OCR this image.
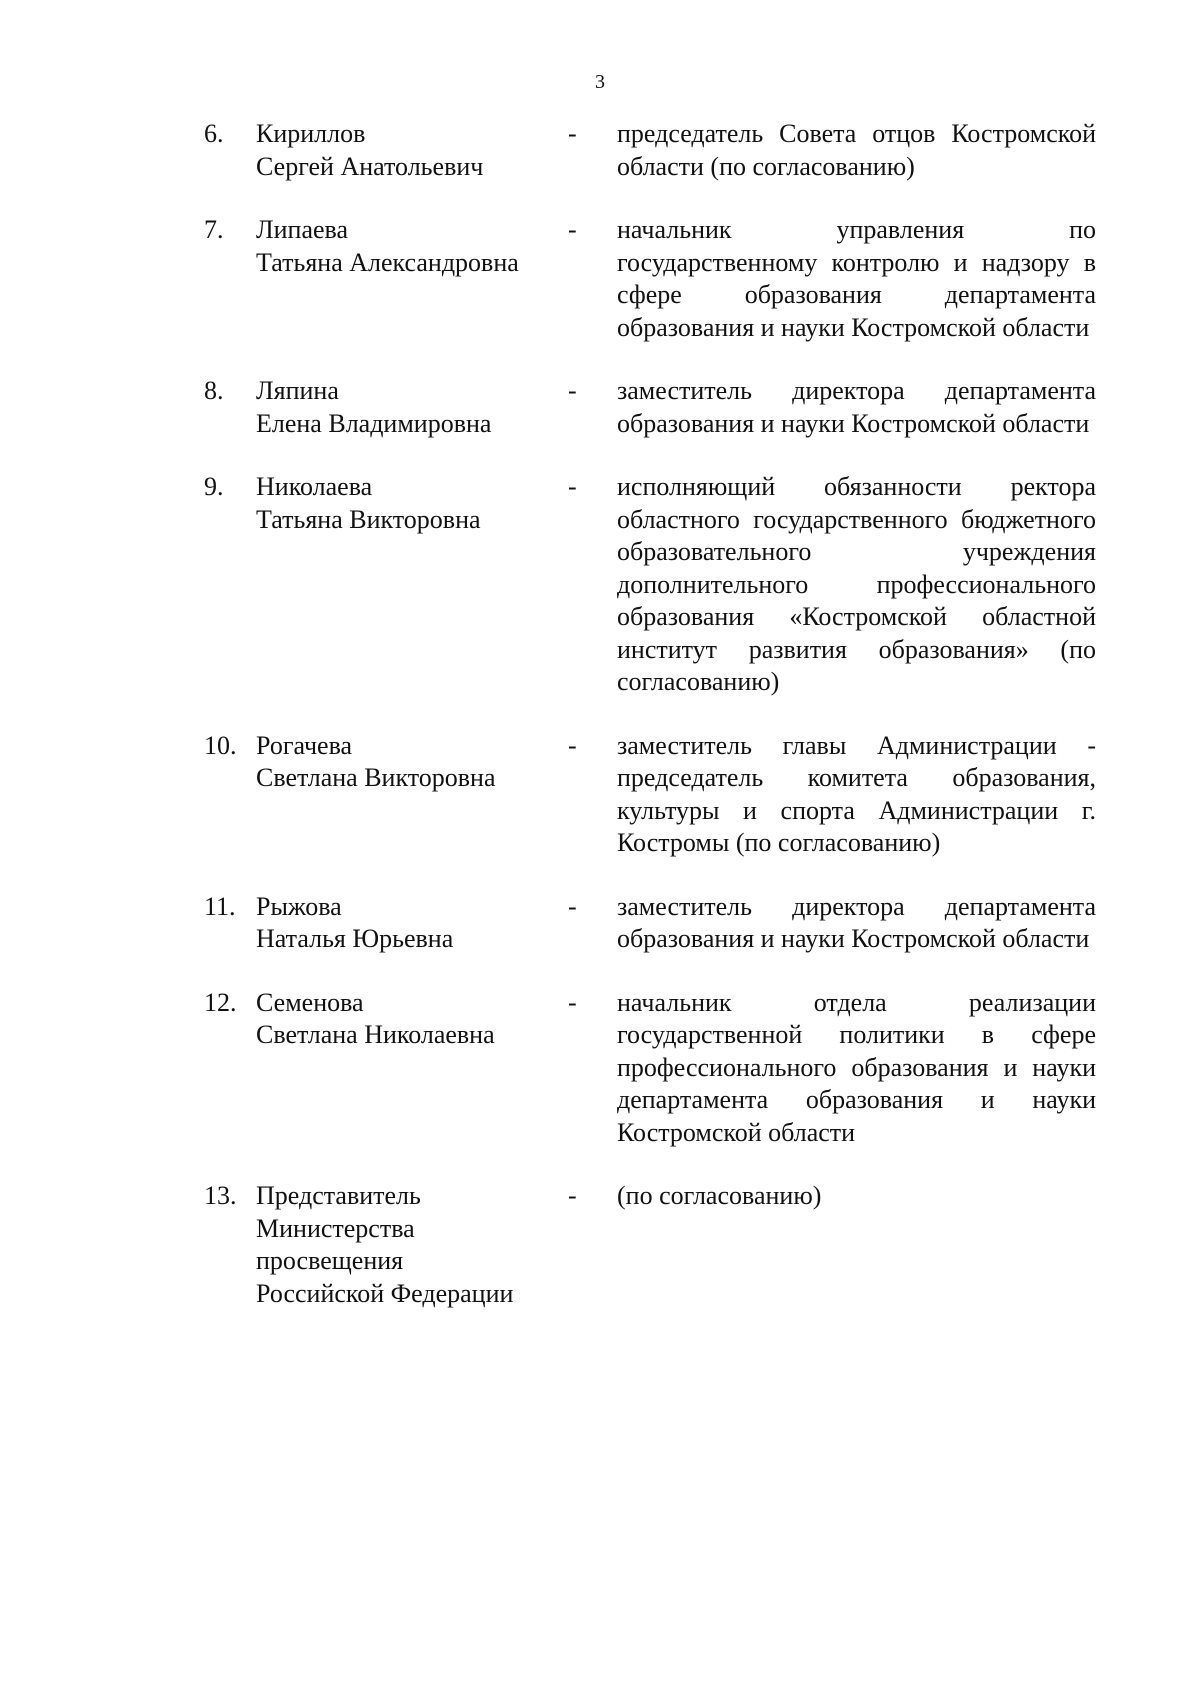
3
6. Кириллов
Сергей Анатольевич
- председатель Совета отцов Костромской области (по согласованию)
7. Липаева
Татьяна Александровна
- начальник управления по государственному контролю и надзору в сфере образования департамента образования и науки Костромской области
8. Ляпина
Елена Владимировна
- заместитель директора департамента образования и науки Костромской области
9. Николаева
Татьяна Викторовна
- исполняющий обязанности ректора областного государственного бюджетного образовательного учреждения дополнительного профессионального образования «Костромской областной институт развития образования» (по согласованию)
10. Рогачева
Светлана Викторовна
- заместитель главы Администрации - председатель комитета образования, культуры и спорта Администрации г. Костромы (по согласованию)
11. Рыжова
Наталья Юрьевна
- заместитель директора департамента образования и науки Костромской области
12. Семенова
Светлана Николаевна
- начальник отдела реализации государственной политики в сфере профессионального образования и науки департамента образования и науки Костромской области
13. Представитель
Министерства
просвещения
Российской Федерации
- (по согласованию)
